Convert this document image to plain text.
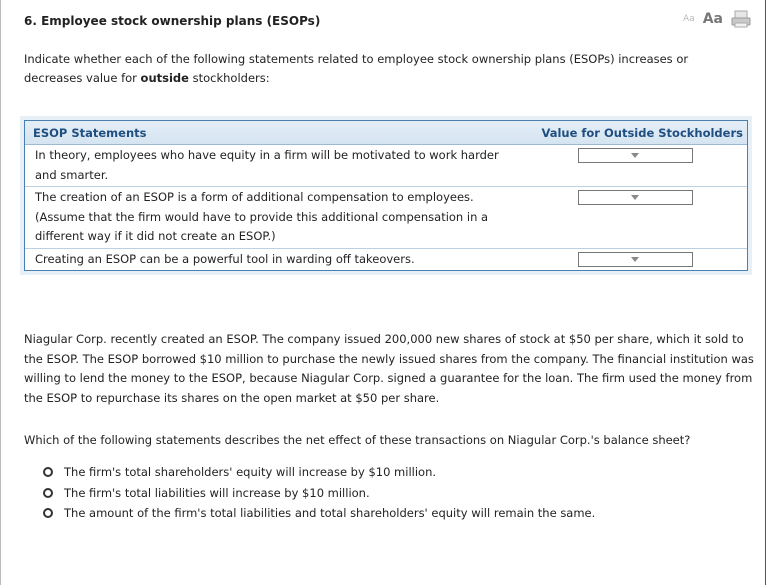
6. Employee stock ownership plans (ESOPs)	Aa Aa
Indicate whether each of the following statements related to employee stock ownership plans (ESOPs) increases or decreases value for outside stockholders:
ESOP Statements	Value for Outside Stockholders
In theory, employees who have equity in a firm will be motivated to work harder and smarter.
The creation of an ESOP is a form of additional compensation to employees. (Assume that the firm would have to provide this additional compensation in a different way if it did not create an ESOP.)
Creating an ESOP can be a powerful tool in warding off takeovers.
Niagular Corp. recently created an ESOP. The company issued 200,000 new shares of stock at $50 per share, which it sold to the ESOP. The ESOP borrowed $10 million to purchase the newly issued shares from the company. The financial institution was willing to lend the money to the ESOP, because Niagular Corp. signed a guarantee for the loan. The firm used the money from the ESOP to repurchase its shares on the open market at $50 per share.
Which of the following statements describes the net effect of these transactions on Niagular Corp.'s balance sheet?
The firm's total shareholders' equity will increase by $10 million.
The firm's total liabilities will increase by $10 million.
The amount of the firm's total liabilities and total shareholders' equity will remain the same.
